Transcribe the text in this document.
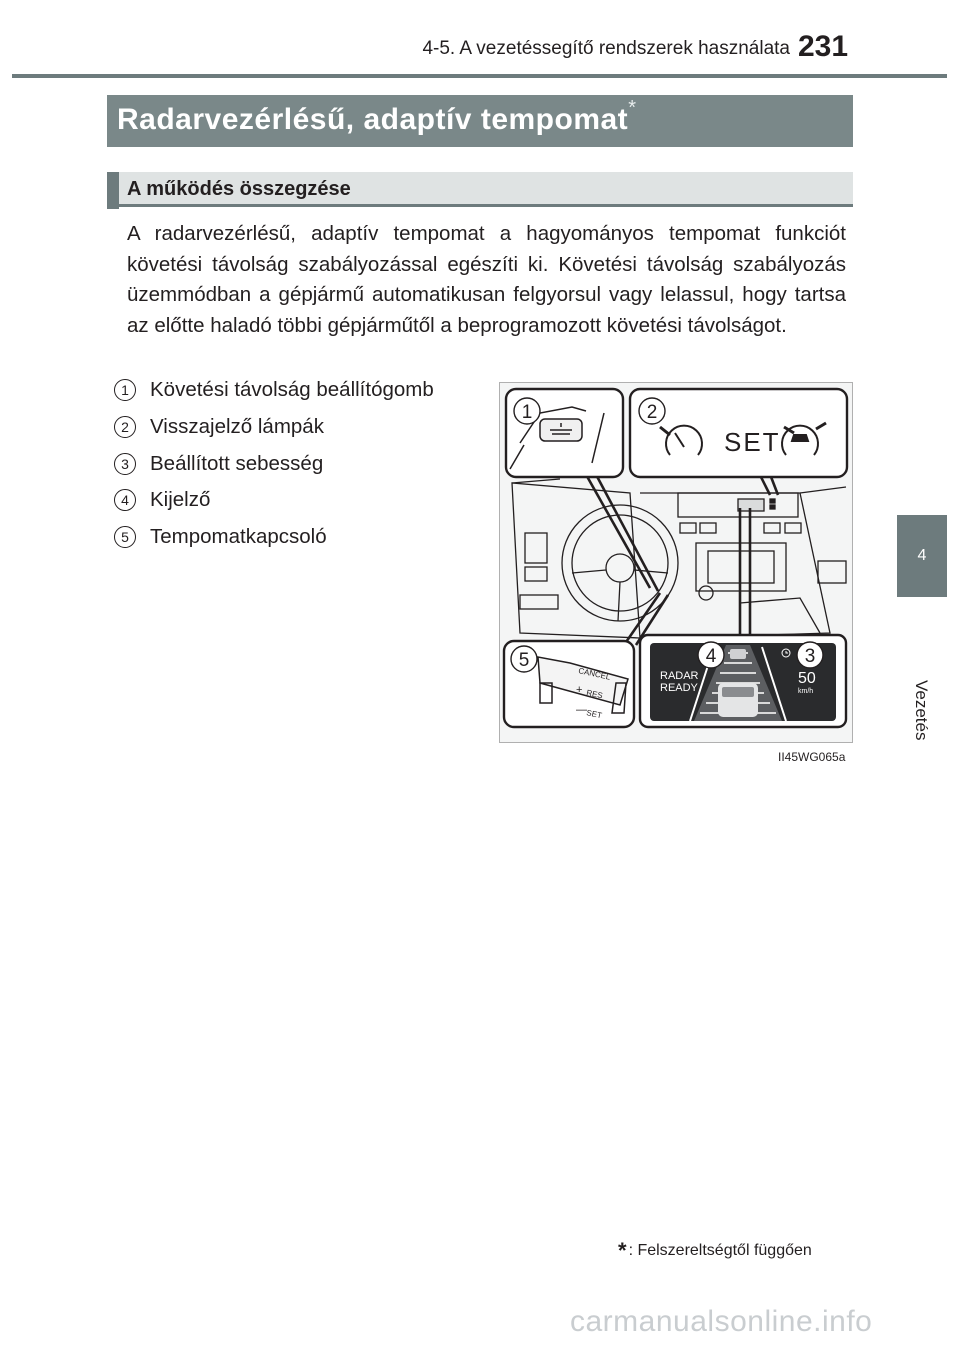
4-5. A vezetéssegítő rendszerek használata 231
4
Vezetés
Radarvezérlésű, adaptív tempomat*
A működés összegzése
A radarvezérlésű, adaptív tempomat a hagyományos tempomat funkciót követési távolság szabályozással egészíti ki. Követési távolság szabályozás üzemmódban a gépjármű automatikusan felgyorsul vagy lelassul, hogy tartsa az előtte haladó többi gépjárműtől a beprogramozott követési távolságot.
1	Követési távolság beállítógomb
2	Visszajelző lámpák
3	Beállított sebesség
4	Kijelző
5	Tempomatkapcsoló
SET
CANCEL
RES
SET
+
—
RADAR
READY
50
km/h
1	2
3
4
5
II45WG065a
* : Felszereltségtől függően
carmanualsonline.info
